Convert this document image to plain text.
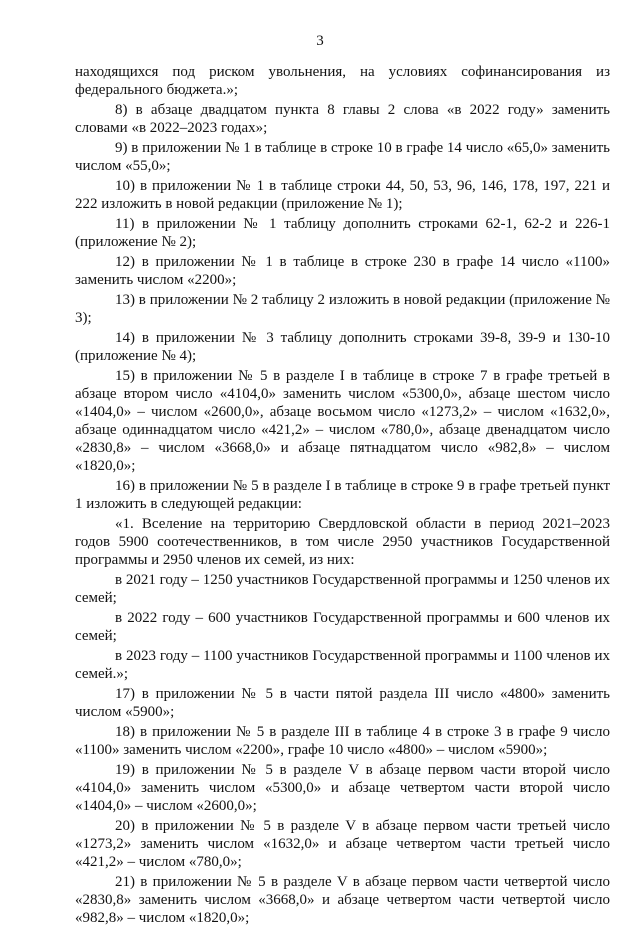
3

находящихся под риском увольнения, на условиях софинансирования из федерального бюджета.»;

8) в абзаце двадцатом пункта 8 главы 2 слова «в 2022 году» заменить словами «в 2022–2023 годах»;

9) в приложении № 1 в таблице в строке 10 в графе 14 число «65,0» заменить числом «55,0»;

10) в приложении № 1 в таблице строки 44, 50, 53, 96, 146, 178, 197, 221 и 222 изложить в новой редакции (приложение № 1);

11) в приложении № 1 таблицу дополнить строками 62-1, 62-2 и 226-1 (приложение № 2);

12) в приложении № 1 в таблице в строке 230 в графе 14 число «1100» заменить числом «2200»;

13) в приложении № 2 таблицу 2 изложить в новой редакции (приложение № 3);

14) в приложении № 3 таблицу дополнить строками 39-8, 39-9 и 130-10 (приложение № 4);

15) в приложении № 5 в разделе I в таблице в строке 7 в графе третьей в абзаце втором число «4104,0» заменить числом «5300,0», абзаце шестом число «1404,0» – числом «2600,0», абзаце восьмом число «1273,2» – числом «1632,0», абзаце одиннадцатом число «421,2» – числом «780,0», абзаце двенадцатом число «2830,8» – числом «3668,0» и абзаце пятнадцатом число «982,8» – числом «1820,0»;

16) в приложении № 5 в разделе I в таблице в строке 9 в графе третьей пункт 1 изложить в следующей редакции:

«1. Вселение на территорию Свердловской области в период 2021–2023 годов 5900 соотечественников, в том числе 2950 участников Государственной программы и 2950 членов их семей, из них:

в 2021 году – 1250 участников Государственной программы и 1250 членов их семей;

в 2022 году – 600 участников Государственной программы и 600 членов их семей;

в 2023 году – 1100 участников Государственной программы и 1100 членов их семей.»;

17) в приложении № 5 в части пятой раздела III число «4800» заменить числом «5900»;

18) в приложении № 5 в разделе III в таблице 4 в строке 3 в графе 9 число «1100» заменить числом «2200», графе 10 число «4800» – числом «5900»;

19) в приложении № 5 в разделе V в абзаце первом части второй число «4104,0» заменить числом «5300,0» и абзаце четвертом части второй число «1404,0» – числом «2600,0»;

20) в приложении № 5 в разделе V в абзаце первом части третьей число «1273,2» заменить числом «1632,0» и абзаце четвертом части третьей число «421,2» – числом «780,0»;

21) в приложении № 5 в разделе V в абзаце первом части четвертой число «2830,8» заменить числом «3668,0» и абзаце четвертом части четвертой число «982,8» – числом «1820,0»;
